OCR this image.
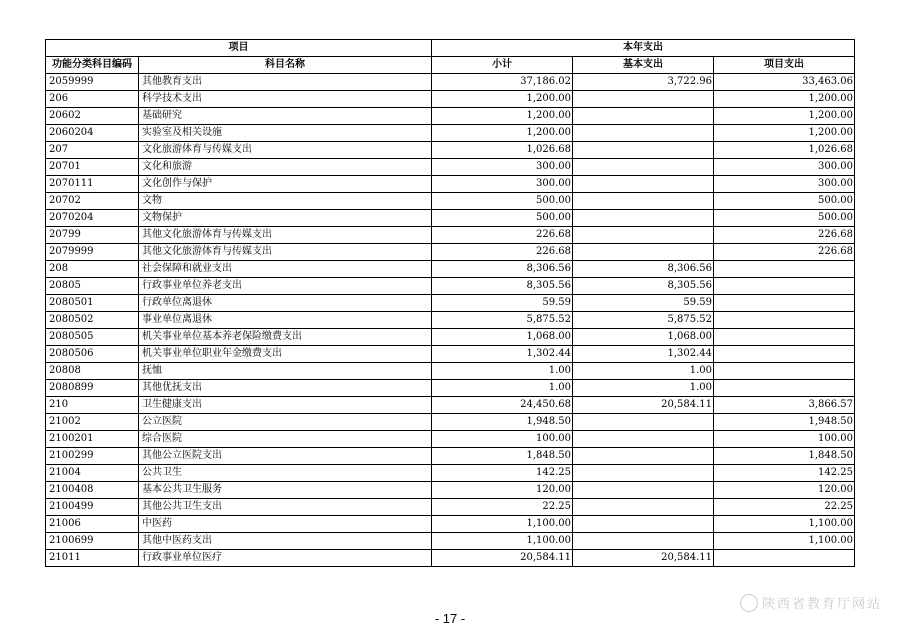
项目		本年支出		
功能分类科目编码	科目名称	小计	基本支出	项目支出
2059999	其他教育支出	37,186.02	3,722.96	33,463.06
206	科学技术支出	1,200.00		1,200.00
20602	基础研究	1,200.00		1,200.00
2060204	实验室及相关设施	1,200.00		1,200.00
207	文化旅游体育与传媒支出	1,026.68		1,026.68
20701	文化和旅游	300.00		300.00
2070111	文化创作与保护	300.00		300.00
20702	文物	500.00		500.00
2070204	文物保护	500.00		500.00
20799	其他文化旅游体育与传媒支出	226.68		226.68
2079999	其他文化旅游体育与传媒支出	226.68		226.68
208	社会保障和就业支出	8,306.56	8,306.56	
20805	行政事业单位养老支出	8,305.56	8,305.56	
2080501	行政单位离退休	59.59	59.59	
2080502	事业单位离退休	5,875.52	5,875.52	
2080505	机关事业单位基本养老保险缴费支出	1,068.00	1,068.00	
2080506	机关事业单位职业年金缴费支出	1,302.44	1,302.44	
20808	抚恤	1.00	1.00	
2080899	其他优抚支出	1.00	1.00	
210	卫生健康支出	24,450.68	20,584.11	3,866.57
21002	公立医院	1,948.50		1,948.50
2100201	综合医院	100.00		100.00
2100299	其他公立医院支出	1,848.50		1,848.50
21004	公共卫生	142.25		142.25
2100408	基本公共卫生服务	120.00		120.00
2100499	其他公共卫生支出	22.25		22.25
21006	中医药	1,100.00		1,100.00
2100699	其他中医药支出	1,100.00		1,100.00
21011	行政事业单位医疗	20,584.11	20,584.11	
- 17 -
陕西省教育厅网站
